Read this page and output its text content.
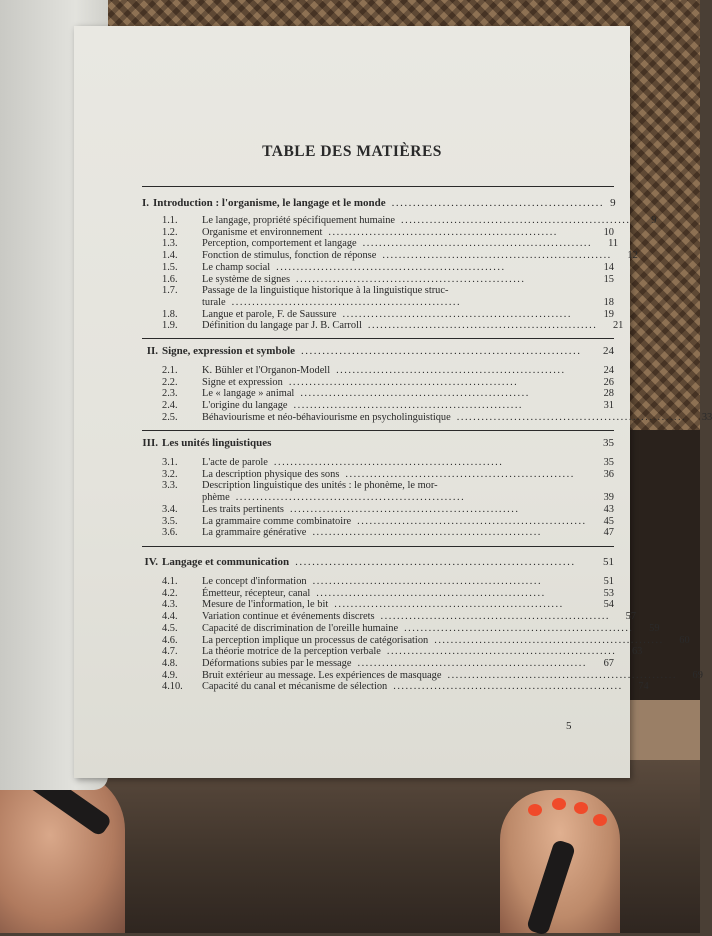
TABLE DES MATIÈRES
I. Introduction : l'organisme, le langage et le monde .................................................. 9
1.1.	Le langage, propriété spécifiquement humaine ........................................................	9
1.2.	Organisme et environnement ........................................................	10
1.3.	Perception, comportement et langage ........................................................	11
1.4.	Fonction de stimulus, fonction de réponse ........................................................	12
1.5.	Le champ social ........................................................	14
1.6.	Le système de signes ........................................................	15
1.7.	Passage de la linguistique historique à la linguistique struc-
turale ........................................................	18
1.8.	Langue et parole, F. de Saussure ........................................................	19
1.9.	Définition du langage par J. B. Carroll ........................................................	21
II. Signe, expression et symbole ..................................................................	24
2.1.	K. Bühler et l'Organon-Modell ........................................................	24
2.2.	Signe et expression ........................................................	26
2.3.	Le « langage » animal ........................................................	28
2.4.	L'origine du langage ........................................................	31
2.5.	Béhaviourisme et néo-béhaviourisme en psycholinguistique ........................................................	33
III. Les unités linguistiques	35
3.1.	L'acte de parole ........................................................	35
3.2.	La description physique des sons ........................................................	36
3.3.	Description linguistique des unités : le phonème, le mor-
phème ........................................................	39
3.4.	Les traits pertinents ........................................................	43
3.5.	La grammaire comme combinatoire ........................................................	45
3.6.	La grammaire générative ........................................................	47
IV. Langage et communication ..................................................................	51
4.1.	Le concept d'information ........................................................	51
4.2.	Émetteur, récepteur, canal ........................................................	53
4.3.	Mesure de l'information, le bit ........................................................	54
4.4.	Variation continue et événements discrets ........................................................	57
4.5.	Capacité de discrimination de l'oreille humaine ........................................................	59
4.6.	La perception implique un processus de catégorisation ........................................................	60
4.7.	La théorie motrice de la perception verbale ........................................................	63
4.8.	Déformations subies par le message ........................................................	67
4.9.	Bruit extérieur au message. Les expériences de masquage ........................................................	69
4.10.	Capacité du canal et mécanisme de sélection ........................................................	74
5
